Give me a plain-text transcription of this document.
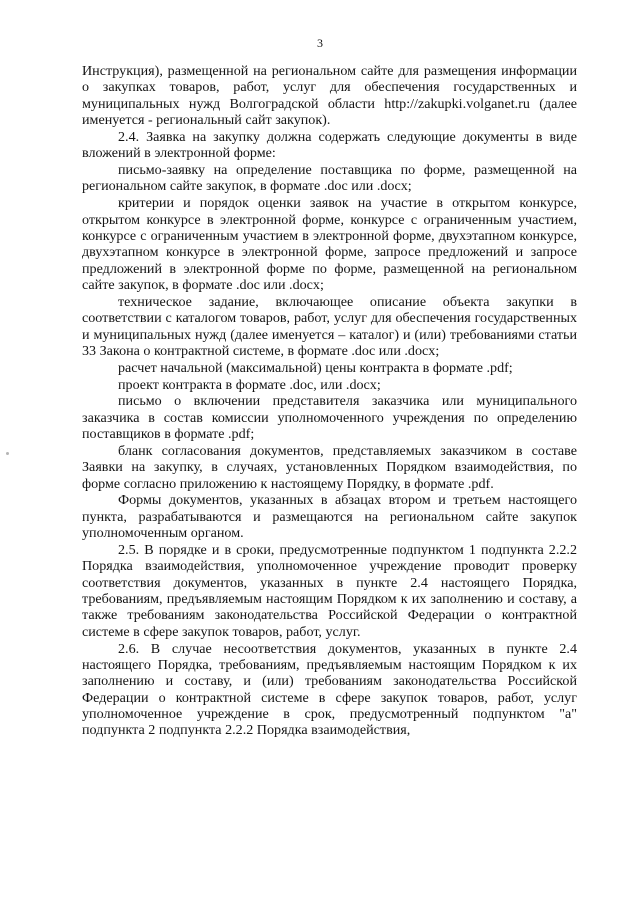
3

Инструкция), размещенной на региональном сайте для размещения информации о закупках товаров, работ, услуг для обеспечения государственных и муниципальных нужд Волгоградской области http://zakupki.volganet.ru (далее именуется - региональный сайт закупок).

2.4. Заявка на закупку должна содержать следующие документы в виде вложений в электронной форме:

письмо-заявку на определение поставщика по форме, размещенной на региональном сайте закупок, в формате .doc или .docx;

критерии и порядок оценки заявок на участие в открытом конкурсе, открытом конкурсе в электронной форме, конкурсе с ограниченным участием, конкурсе с ограниченным участием в электронной форме, двухэтапном конкурсе, двухэтапном конкурсе в электронной форме, запросе предложений и запросе предложений в электронной форме по форме, размещенной на региональном сайте закупок, в формате .doc или .docx;

техническое задание, включающее описание объекта закупки в соответствии с каталогом товаров, работ, услуг для обеспечения государственных и муниципальных нужд (далее именуется – каталог) и (или) требованиями статьи 33 Закона о контрактной системе, в формате .doc или .docx;

расчет начальной (максимальной) цены контракта в формате .pdf;

проект контракта в формате .doc, или .docx;

письмо о включении представителя заказчика или муниципального заказчика в состав комиссии уполномоченного учреждения по определению поставщиков в формате .pdf;

бланк согласования документов, представляемых заказчиком в составе Заявки на закупку, в случаях, установленных Порядком взаимодействия, по форме согласно приложению к настоящему Порядку, в формате .pdf.

Формы документов, указанных в абзацах втором и третьем настоящего пункта, разрабатываются и размещаются на региональном сайте закупок уполномоченным органом.

2.5. В порядке и в сроки, предусмотренные подпунктом 1 подпункта 2.2.2 Порядка взаимодействия, уполномоченное учреждение проводит проверку соответствия документов, указанных в пункте 2.4 настоящего Порядка, требованиям, предъявляемым настоящим Порядком к их заполнению и составу, а также требованиям законодательства Российской Федерации о контрактной системе в сфере закупок товаров, работ, услуг.

2.6. В случае несоответствия документов, указанных в пункте 2.4 настоящего Порядка, требованиям, предъявляемым настоящим Порядком к их заполнению и составу, и (или) требованиям законодательства Российской Федерации о контрактной системе в сфере закупок товаров, работ, услуг уполномоченное учреждение в срок, предусмотренный подпунктом "а" подпункта 2 подпункта 2.2.2 Порядка взаимодействия,
